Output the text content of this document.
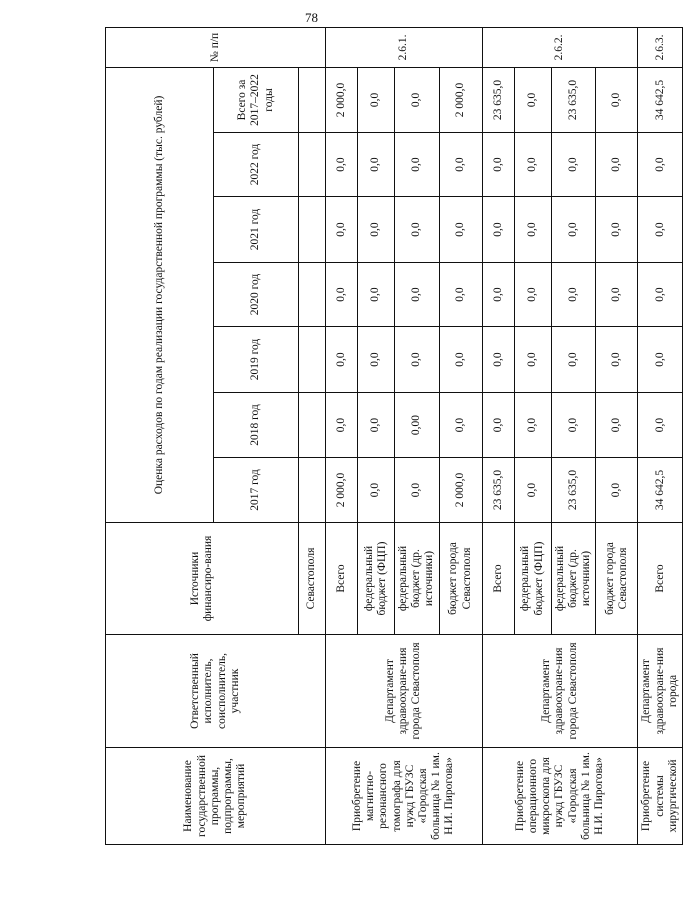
78
Наименование государственной программы, подпрограммы, мероприятий	Ответственный исполнитель, соисполнитель, участник	Источники финансиро-вания	Оценка расходов по годам реализации государственной программы (тыс. рублей)							№ п/п
			2017 год	2018 год	2019 год	2020 год	2021 год	2022 год	Всего за 2017–2022 годы	
		Севастополя								
Приобретение магнитно-резонансного томографа для нужд ГБУЗС «Городская больница № 1 им. Н.И. Пирогова»	Департамент здравоохране-ния города Севастополя	Всего	2 000,0	0,0	0,0	0,0	0,0	0,0	2 000,0	2.6.1.
		федеральный бюджет (ФЦП)	0,0	0,0	0,0	0,0	0,0	0,0	0,0	
		федеральный бюджет (др. источники)	0,0	0,00	0,0	0,0	0,0	0,0	0,0	
		бюджет города Севастополя	2 000,0	0,0	0,0	0,0	0,0	0,0	2 000,0	
Приобретение операционного микроскопа для нужд ГБУЗС «Городская больница № 1 им. Н.И. Пирогова»	Департамент здравоохране-ния города Севастополя	Всего	23 635,0	0,0	0,0	0,0	0,0	0,0	23 635,0	2.6.2.
		федеральный бюджет (ФЦП)	0,0	0,0	0,0	0,0	0,0	0,0	0,0	
		федеральный бюджет (др. источники)	23 635,0	0,0	0,0	0,0	0,0	0,0	23 635,0	
		бюджет города Севастополя	0,0	0,0	0,0	0,0	0,0	0,0	0,0	
Приобретение системы хирургической	Департамент здравоохране-ния города	Всего	34 642,5	0,0	0,0	0,0	0,0	0,0	34 642,5	2.6.3.
